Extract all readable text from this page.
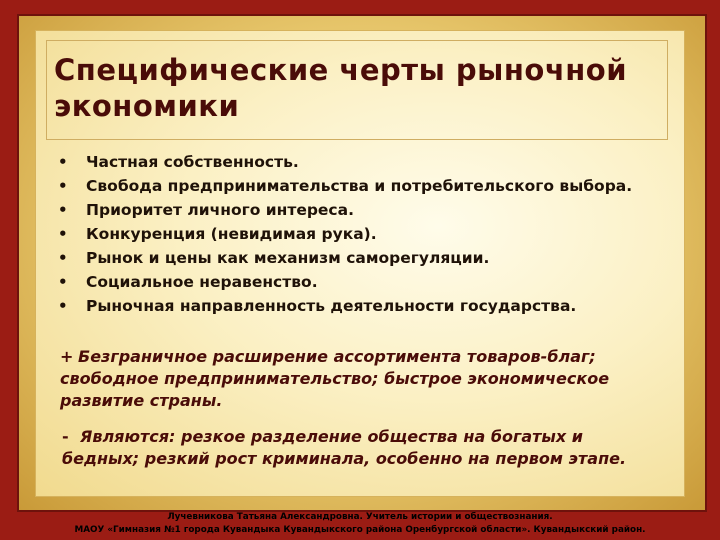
Специфические черты рыночной экономики
• Частная собственность.
• Свобода предпринимательства и потребительского выбора.
• Приоритет личного интереса.
• Конкуренция (невидимая рука).
• Рынок и цены как механизм саморегуляции.
• Социальное неравенство.
• Рыночная направленность деятельности государства.
+ Безграничное расширение ассортимента товаров-благ; свободное предпринимательство; быстрое экономическое развитие страны.
- Являются: резкое разделение общества на богатых и бедных; резкий рост криминала, особенно на первом этапе.
Лучевникова Татьяна Александровна. Учитель истории и обществознания.
МАОУ «Гимназия №1 города Кувандыка Кувандыкского района Оренбургской области». Кувандыкский район.
